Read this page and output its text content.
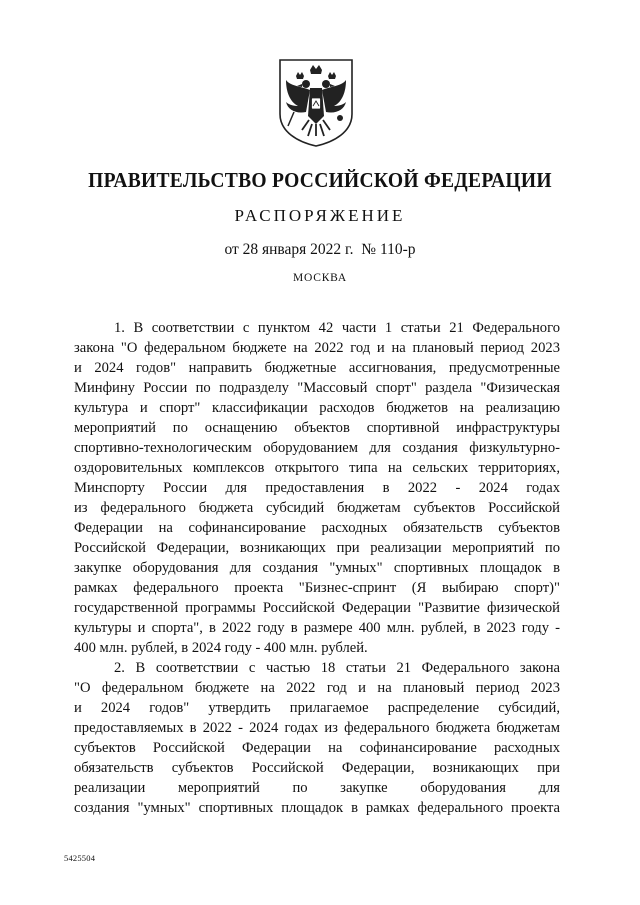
ПРАВИТЕЛЬСТВО РОССИЙСКОЙ ФЕДЕРАЦИИ
РАСПОРЯЖЕНИЕ
от 28 января 2022 г.  № 110-р
МОСКВА
1. В соответствии с пунктом 42 части 1 статьи 21 Федерального
закона "О федеральном бюджете на 2022 год и на плановый период 2023
и 2024 годов" направить бюджетные ассигнования, предусмотренные
Минфину России по подразделу "Массовый спорт" раздела "Физическая
культура и спорт" классификации расходов бюджетов на реализацию
мероприятий по оснащению объектов спортивной инфраструктуры
спортивно-технологическим оборудованием для создания физкультурно-
оздоровительных комплексов открытого типа на сельских территориях,
Минспорту России для предоставления в 2022 - 2024 годах
из федерального бюджета субсидий бюджетам субъектов Российской
Федерации на софинансирование расходных обязательств субъектов
Российской Федерации, возникающих при реализации мероприятий по
закупке оборудования для создания "умных" спортивных площадок в
рамках федерального проекта "Бизнес-спринт (Я выбираю спорт)"
государственной программы Российской Федерации "Развитие физической
культуры и спорта", в 2022 году в размере 400 млн. рублей, в 2023 году -
400 млн. рублей, в 2024 году - 400 млн. рублей.
2. В соответствии с частью 18 статьи 21 Федерального закона
"О федеральном бюджете на 2022 год и на плановый период 2023
и 2024 годов" утвердить прилагаемое распределение субсидий,
предоставляемых в 2022 - 2024 годах из федерального бюджета бюджетам
субъектов Российской Федерации на софинансирование расходных
обязательств субъектов Российской Федерации, возникающих при
реализации мероприятий по закупке оборудования для
создания "умных" спортивных площадок в рамках федерального проекта
5425504
